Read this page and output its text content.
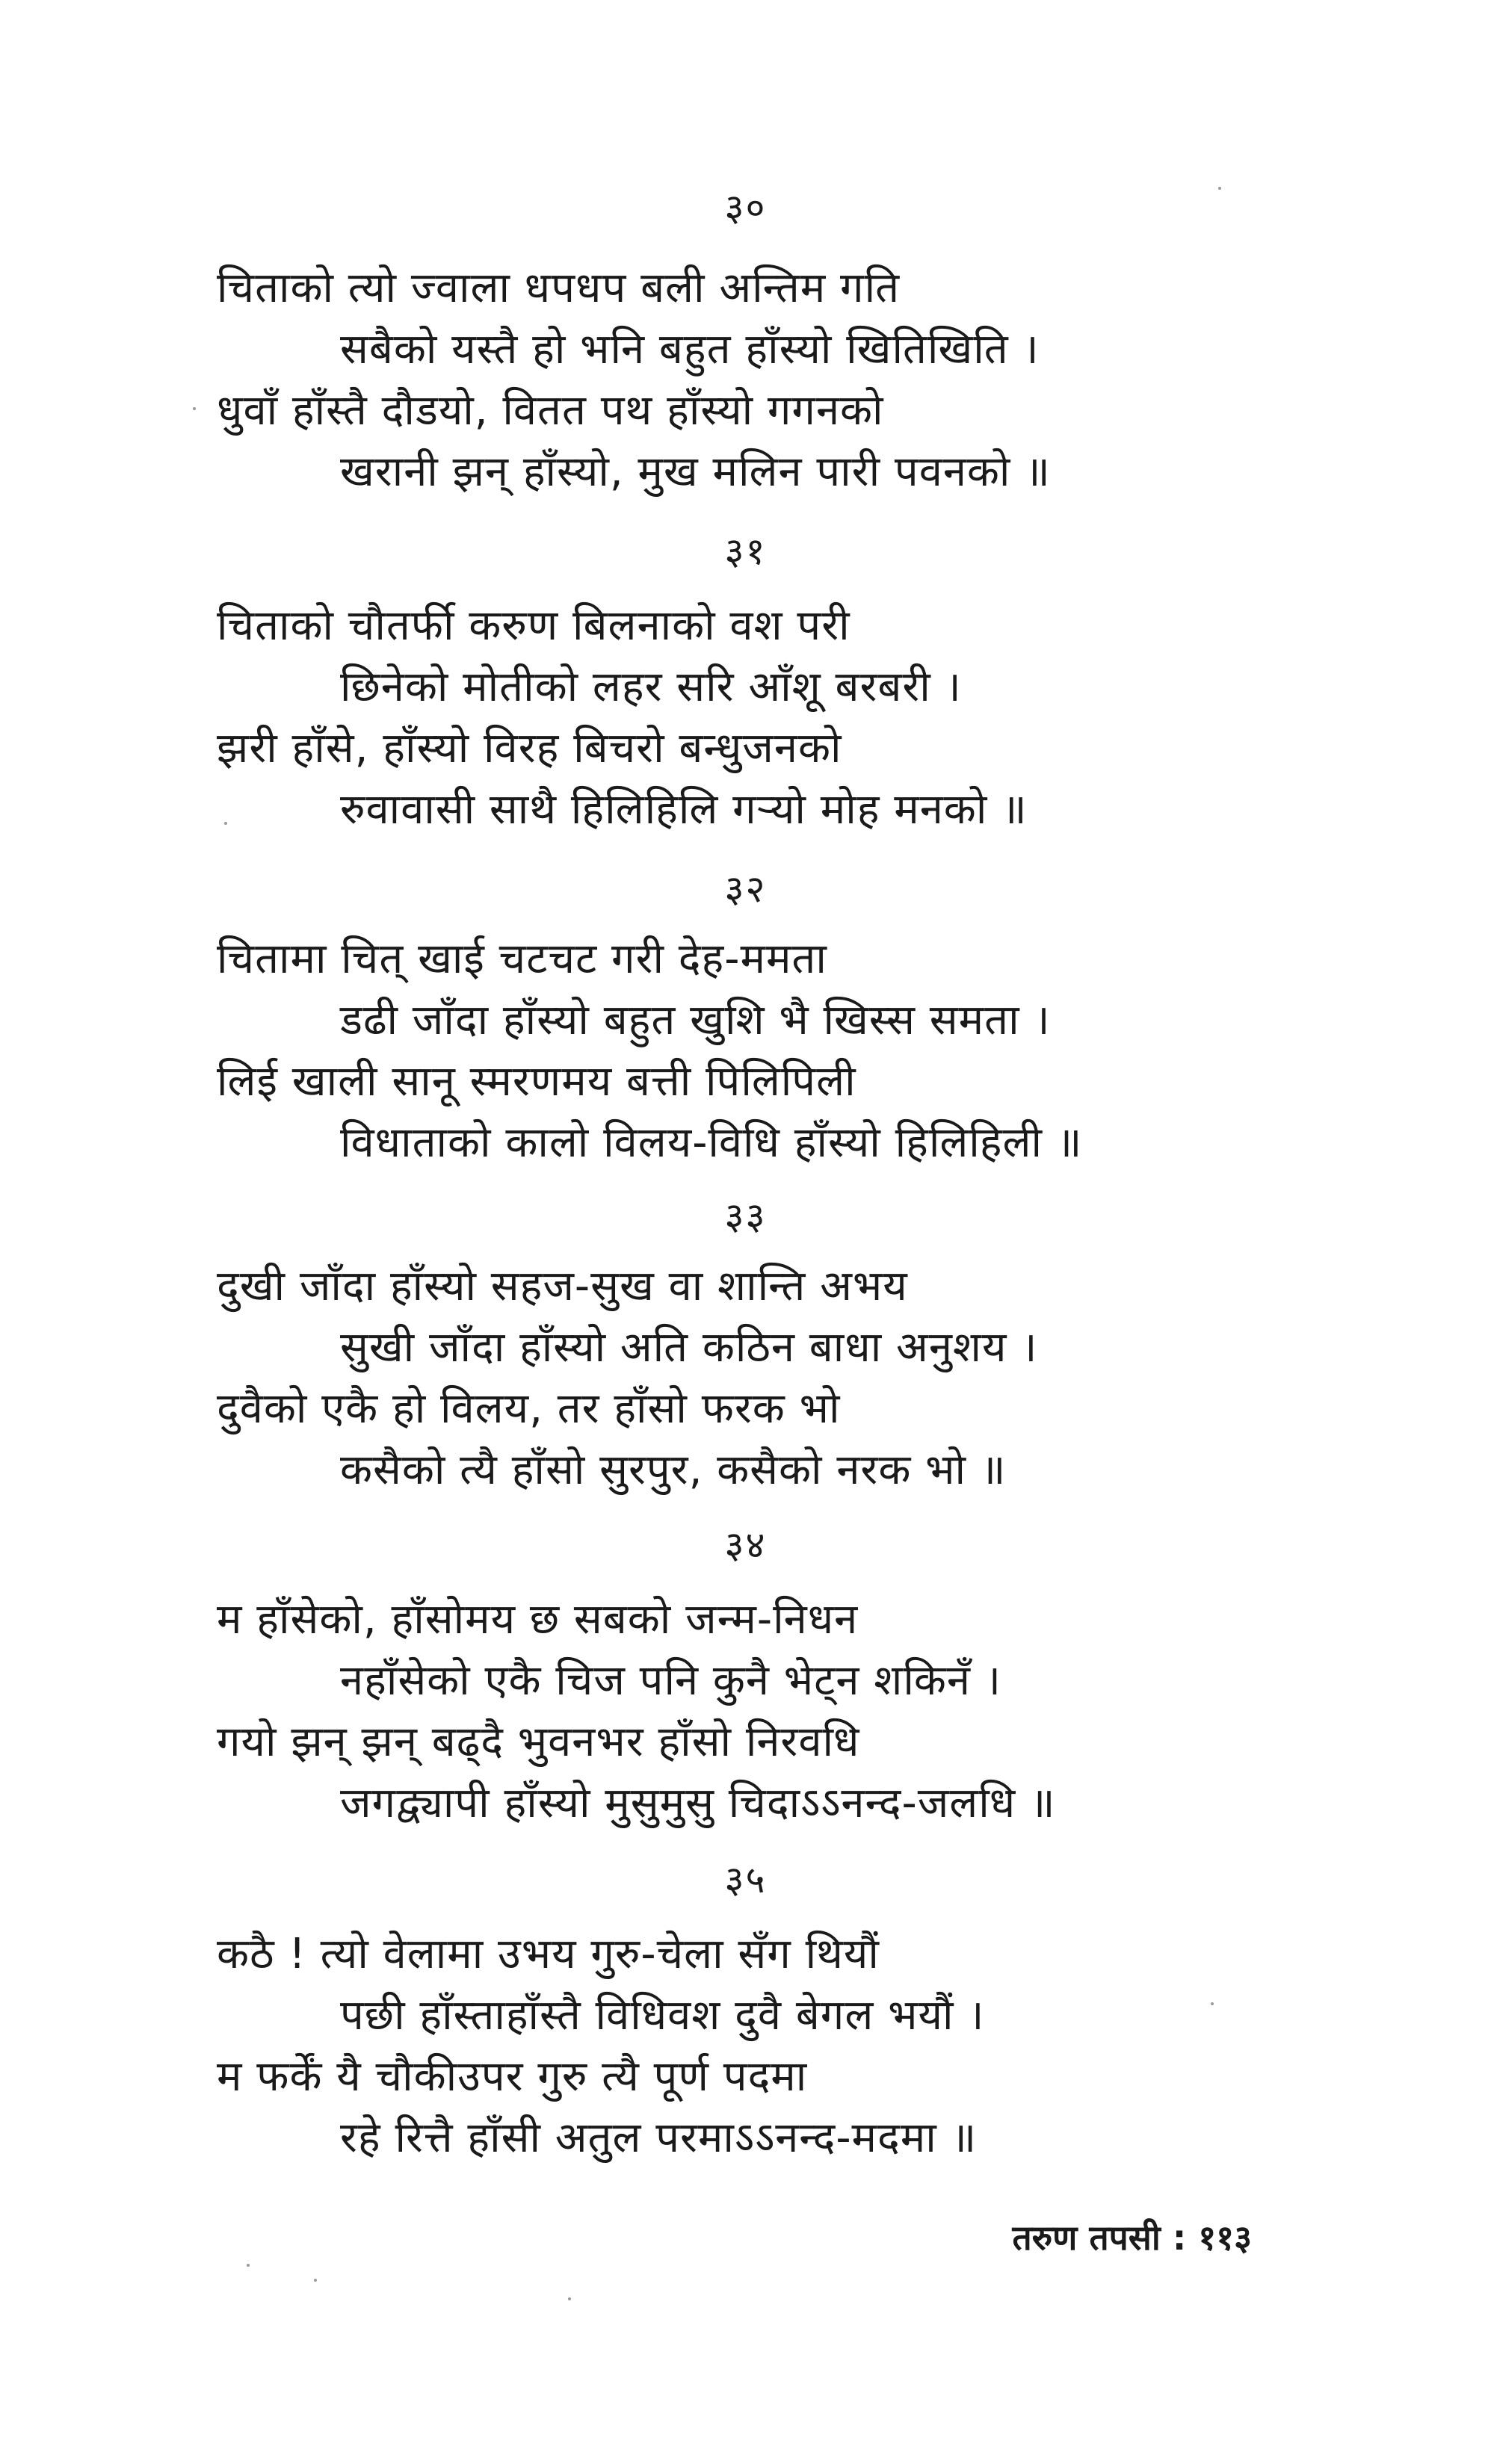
३०
चिताको त्यो ज्वाला धपधप बली अन्तिम गति
सबैको यस्तै हो भनि बहुत हाँस्यो खितिखिति ।
धुवाँ हाँस्तै दौडयो, वितत पथ हाँस्यो गगनको
खरानी झन् हाँस्यो, मुख मलिन पारी पवनको ॥
३१
चिताको चौतर्फी करुण बिलनाको वश परी
छिनेको मोतीको लहर सरि आँशू बरबरी ।
झरी हाँसे, हाँस्यो विरह बिचरो बन्धुजनको
रुवावासी साथै हिलिहिलि गर्‍यो मोह मनको ॥
३२
चितामा चित् खाई चटचट गरी देह-ममता
डढी जाँदा हाँस्यो बहुत खुशि भै खिस्स समता ।
लिई खाली सानू स्मरणमय बत्ती पिलिपिली
विधाताको कालो विलय-विधि हाँस्यो हिलिहिली ॥
३३
दुखी जाँदा हाँस्यो सहज-सुख वा शान्ति अभय
सुखी जाँदा हाँस्यो अति कठिन बाधा अनुशय ।
दुवैको एकै हो विलय, तर हाँसो फरक भो
कसैको त्यै हाँसो सुरपुर, कसैको नरक भो ॥
३४
म हाँसेको, हाँसोमय छ सबको जन्म-निधन
नहाँसेको एकै चिज पनि कुनै भेट्न शकिनँ ।
गयो झन् झन् बढ्दै भुवनभर हाँसो निरवधि
जगद्व्यापी हाँस्यो मुसुमुसु चिदाऽऽनन्द-जलधि ॥
३५
कठै ! त्यो वेलामा उभय गुरु-चेला सँग थियौं
पछी हाँस्ताहाँस्तै विधिवश दुवै बेगल भयौं ।
म फर्कें यै चौकीउपर गुरु त्यै पूर्ण पदमा
रहे रित्तै हाँसी अतुल परमाऽऽनन्द-मदमा ॥
तरुण तपसी : ११३
